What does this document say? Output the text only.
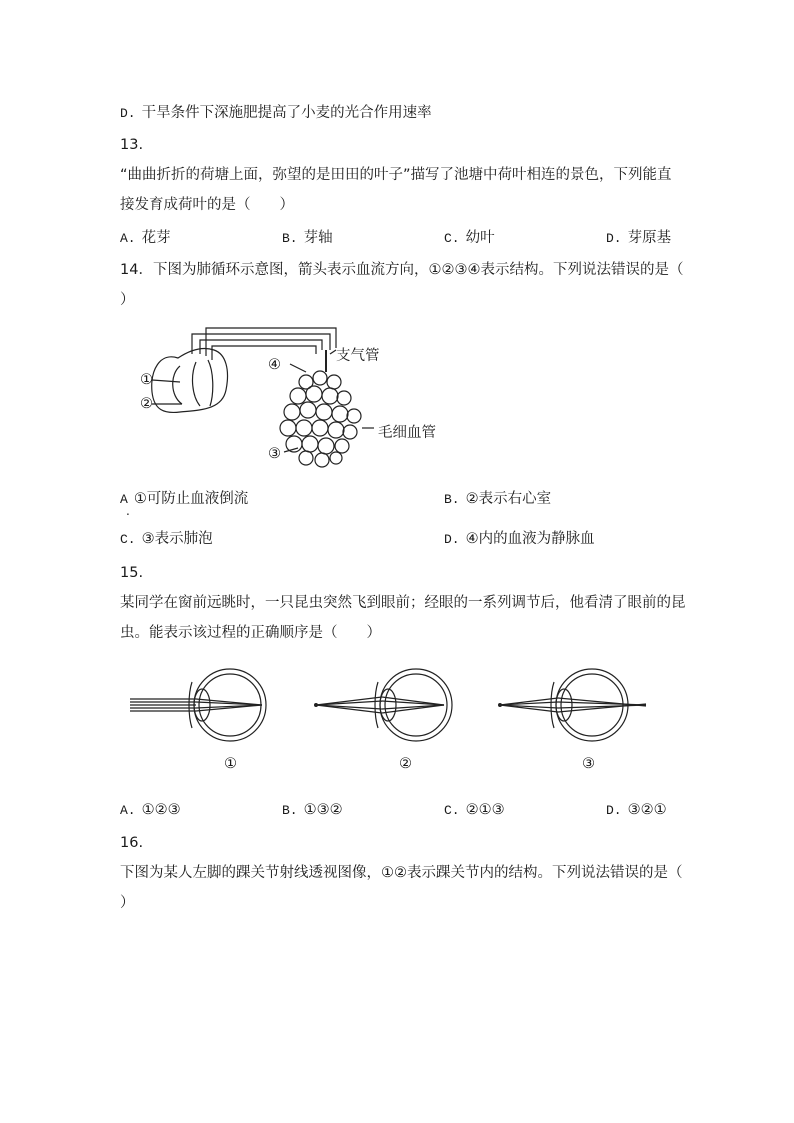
D. 干旱条件下深施肥提高了小麦的光合作用速率
13.
“曲曲折折的荷塘上面，弥望的是田田的叶子”描写了池塘中荷叶相连的景色，下列能直
接发育成荷叶的是（　　）
A. 花芽	B. 芽轴	C. 幼叶	D. 芽原基
14．下图为肺循环示意图，箭头表示血流方向，①②③④表示结构。下列说法错误的是（
）
①
②
③
④
支气管
毛细血管
A ①可防止血液倒流
.
B. ②表示右心室
C. ③表示肺泡	D. ④内的血液为静脉血
15.
某同学在窗前远眺时，一只昆虫突然飞到眼前；经眼的一系列调节后，他看清了眼前的昆
虫。能表示该过程的正确顺序是（　　）
①	②	③
A. ①②③	B. ①③②	C. ②①③	D. ③②①
16.
下图为某人左脚的踝关节射线透视图像，①②表示踝关节内的结构。下列说法错误的是（
）
